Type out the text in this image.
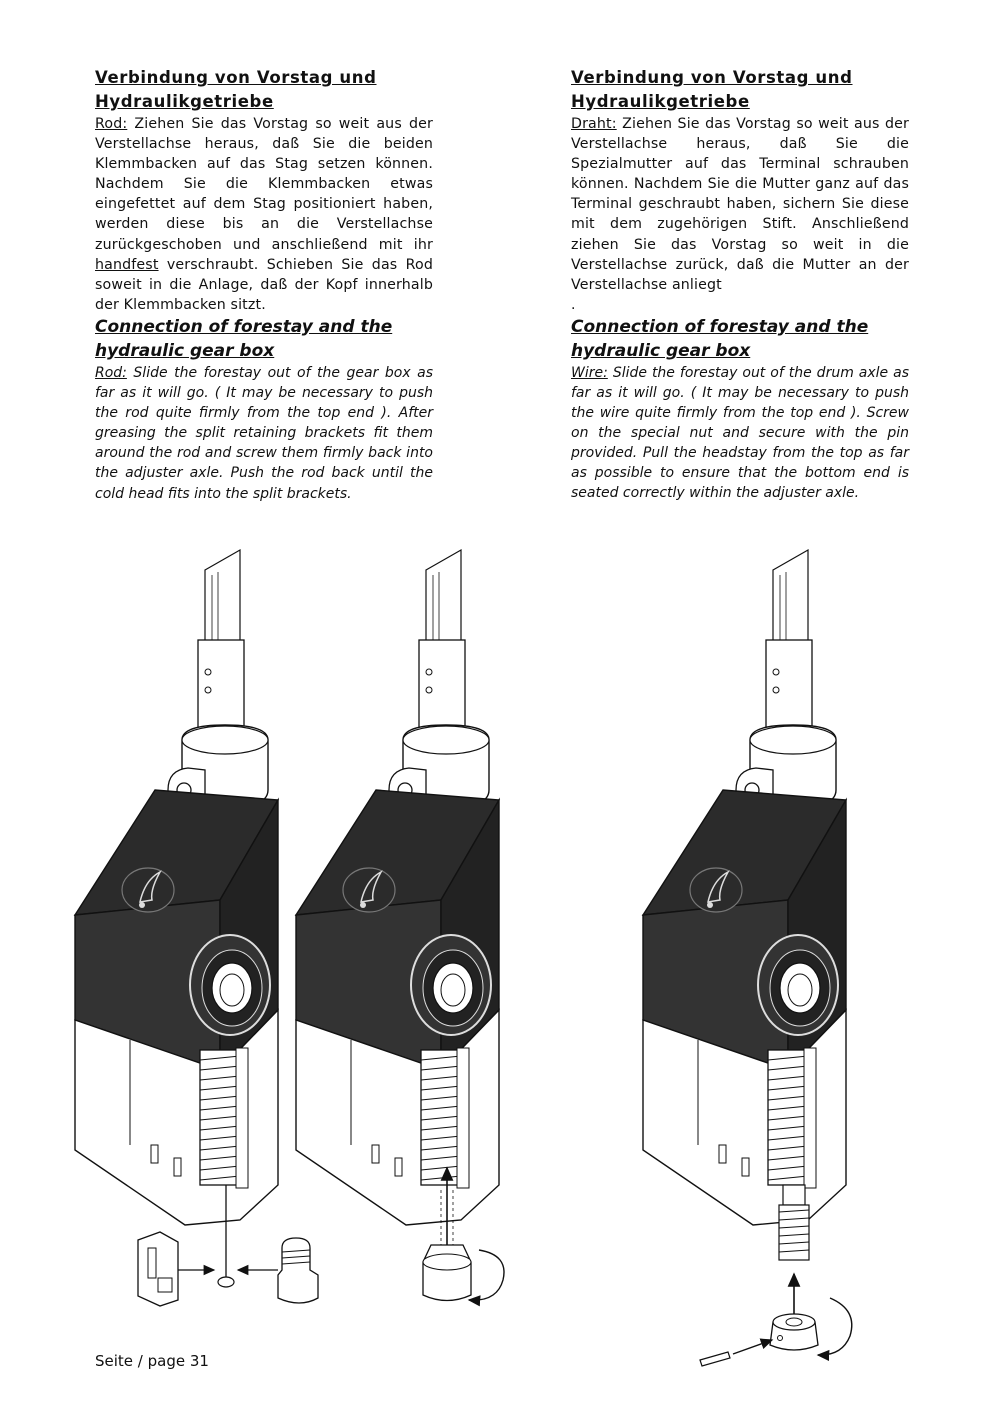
Verbindung von Vorstag und Hydraulikgetriebe

Rod: Ziehen Sie das Vorstag so weit aus der Verstellachse heraus, daß Sie die beiden Klemmbacken auf das Stag setzen können. Nachdem Sie die Klemmbacken etwas eingefettet auf dem Stag positioniert haben, werden diese bis an die Verstellachse zurückgeschoben und anschließend mit ihr handfest verschraubt. Schieben Sie das Rod soweit in die Anlage, daß der Kopf innerhalb der Klemmbacken sitzt.

Connection of forestay and the hydraulic gear box

Rod: Slide the forestay out of the gear box as far as it will go. ( It may be necessary to push the rod quite firmly from the top end ). After greasing the split retaining brackets fit them around the rod and screw them firmly back into the adjuster axle. Push the rod back until the cold head fits into the split brackets.

Verbindung von Vorstag und Hydraulikgetriebe

Draht: Ziehen Sie das Vorstag so weit aus der Verstellachse heraus, daß Sie die Spezialmutter auf das Terminal schrauben können. Nachdem Sie die Mutter ganz auf das Terminal geschraubt haben, sichern Sie diese mit dem zugehörigen Stift. Anschließend ziehen Sie das Vorstag so weit in die Verstellachse zurück, daß die Mutter an der Verstellachse anliegt

.

Connection of forestay and the hydraulic gear box

Wire: Slide the forestay out of the drum axle as far as it will go. ( It may be necessary to push the wire quite firmly from the top end ). Screw on the special nut and secure with the pin provided. Pull the headstay from the top as far as possible to ensure that the bottom end is seated correctly within the adjuster axle.

Seite / page 31
